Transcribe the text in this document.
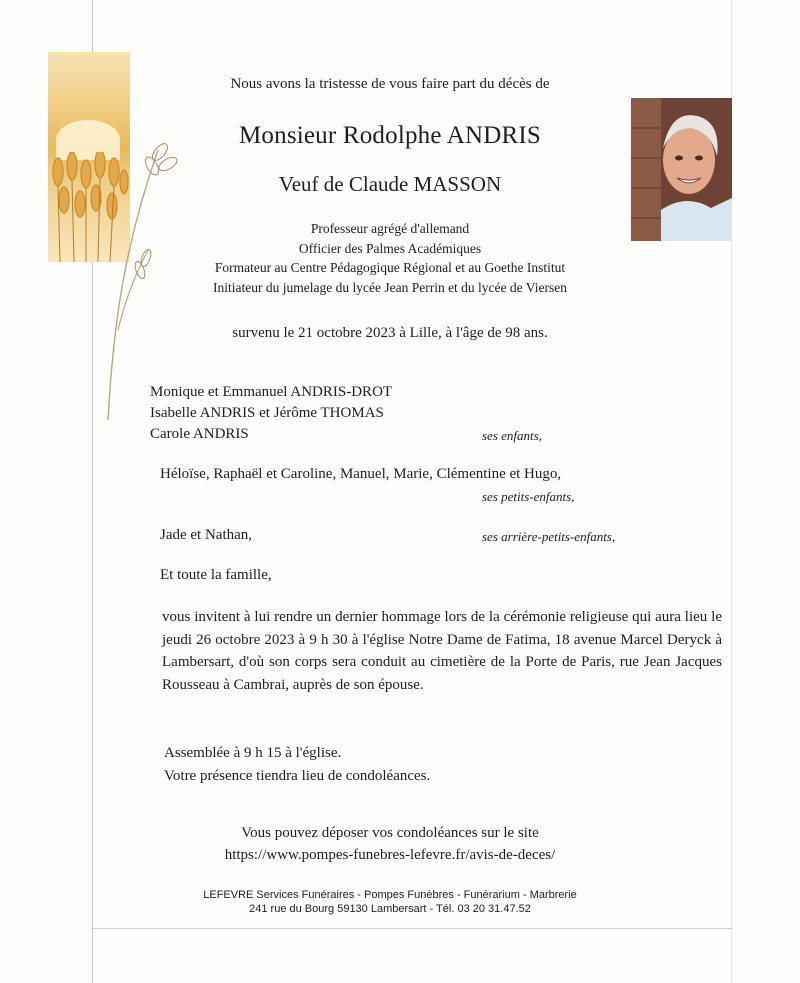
Nous avons la tristesse de vous faire part du décès de
Monsieur Rodolphe ANDRIS
Veuf de Claude MASSON
Professeur agrégé d'allemand
Officier des Palmes Académiques
Formateur au Centre Pédagogique Régional et au Goethe Institut
Initiateur du jumelage du lycée Jean Perrin et du lycée de Viersen
survenu le 21 octobre 2023 à Lille, à l'âge de 98 ans.
Monique et Emmanuel ANDRIS-DROT
Isabelle ANDRIS et Jérôme THOMAS
Carole ANDRIS	ses enfants,
Héloïse, Raphaël et Caroline, Manuel, Marie, Clémentine et Hugo,
ses petits-enfants,
Jade et Nathan,	ses arrière-petits-enfants,
Et toute la famille,
vous invitent à lui rendre un dernier hommage lors de la cérémonie religieuse qui aura lieu le jeudi 26 octobre 2023 à 9 h 30 à l'église Notre Dame de Fatima, 18 avenue Marcel Deryck à Lambersart, d'où son corps sera conduit au cimetière de la Porte de Paris, rue Jean Jacques Rousseau à Cambrai, auprès de son épouse.
Assemblée à 9 h 15 à l'église.
Votre présence tiendra lieu de condoléances.
Vous pouvez déposer vos condoléances sur le site
https://www.pompes-funebres-lefevre.fr/avis-de-deces/
LEFEVRE Services Funéraires - Pompes Funèbres - Funérarium - Marbrerie
241 rue du Bourg 59130 Lambersart - Tél. 03 20 31.47.52
